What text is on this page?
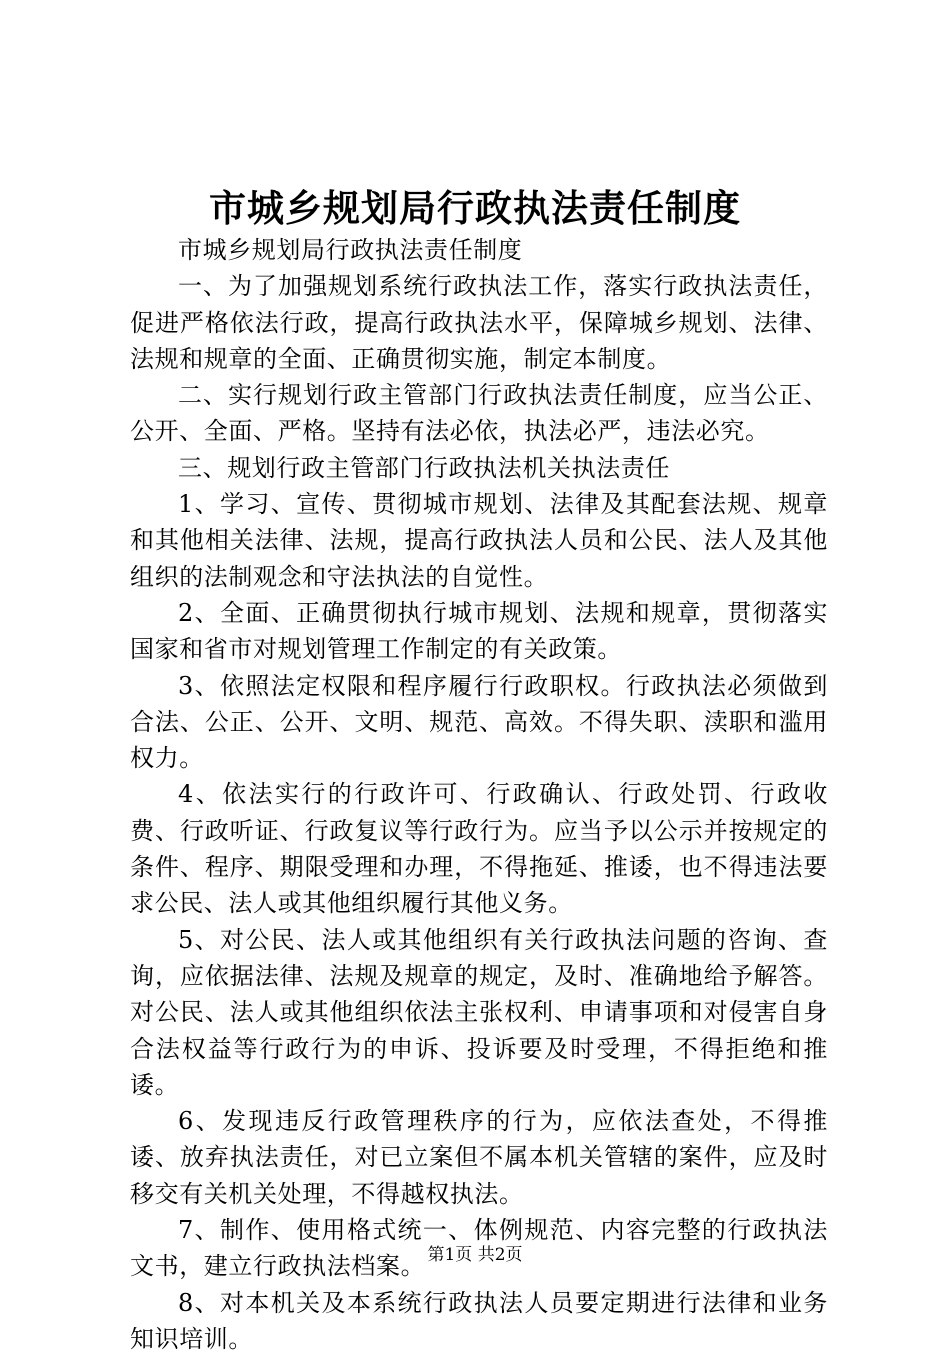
市城乡规划局行政执法责任制度

市城乡规划局行政执法责任制度

一、为了加强规划系统行政执法工作，落实行政执法责任，促进严格依法行政，提高行政执法水平，保障城乡规划、法律、法规和规章的全面、正确贯彻实施，制定本制度。

二、实行规划行政主管部门行政执法责任制度，应当公正、公开、全面、严格。坚持有法必依，执法必严，违法必究。

三、规划行政主管部门行政执法机关执法责任

1、学习、宣传、贯彻城市规划、法律及其配套法规、规章和其他相关法律、法规，提高行政执法人员和公民、法人及其他组织的法制观念和守法执法的自觉性。

2、全面、正确贯彻执行城市规划、法规和规章，贯彻落实国家和省市对规划管理工作制定的有关政策。

3、依照法定权限和程序履行行政职权。行政执法必须做到合法、公正、公开、文明、规范、高效。不得失职、渎职和滥用权力。

4、依法实行的行政许可、行政确认、行政处罚、行政收费、行政听证、行政复议等行政行为。应当予以公示并按规定的条件、程序、期限受理和办理，不得拖延、推诿，也不得违法要求公民、法人或其他组织履行其他义务。

5、对公民、法人或其他组织有关行政执法问题的咨询、查询，应依据法律、法规及规章的规定，及时、准确地给予解答。对公民、法人或其他组织依法主张权利、申请事项和对侵害自身合法权益等行政行为的申诉、投诉要及时受理，不得拒绝和推诿。

6、发现违反行政管理秩序的行为，应依法查处，不得推诿、放弃执法责任，对已立案但不属本机关管辖的案件，应及时移交有关机关处理，不得越权执法。

7、制作、使用格式统一、体例规范、内容完整的行政执法文书，建立行政执法档案。

8、对本机关及本系统行政执法人员要定期进行法律和业务知识培训。

第1页 共2页
